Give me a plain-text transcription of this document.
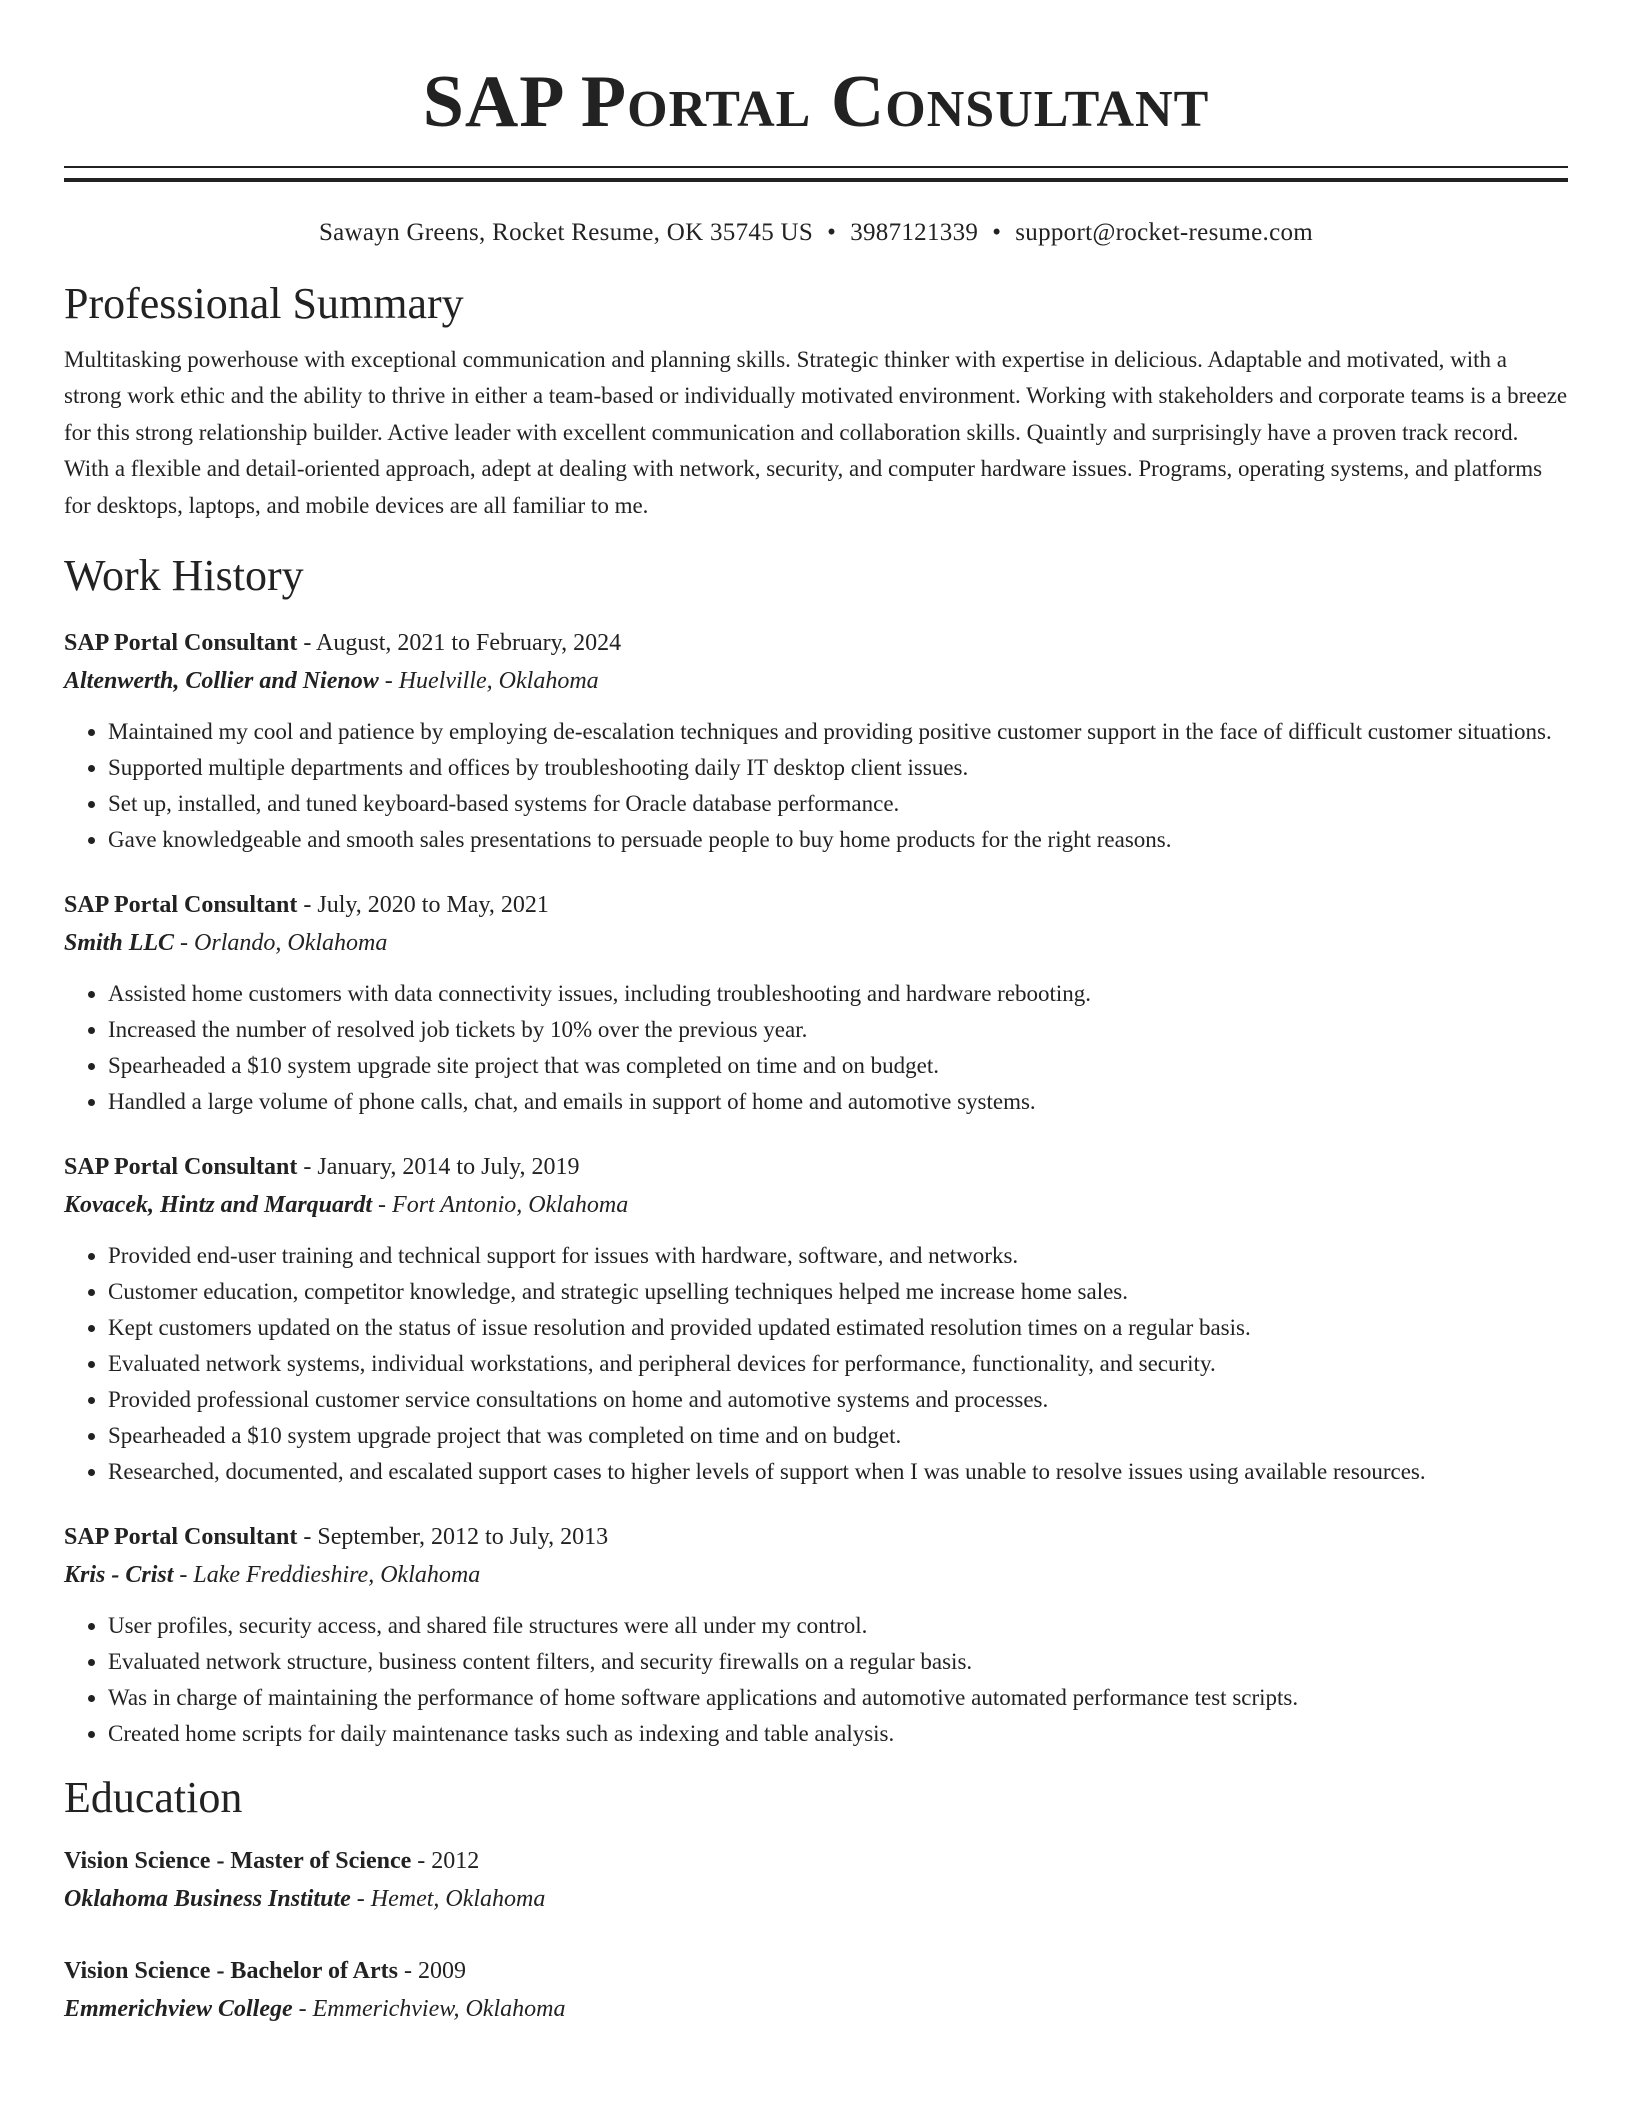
SAP Portal Consultant
Sawayn Greens, Rocket Resume, OK 35745 US • 3987121339 • support@rocket-resume.com
Professional Summary
Multitasking powerhouse with exceptional communication and planning skills. Strategic thinker with expertise in delicious. Adaptable and motivated, with a strong work ethic and the ability to thrive in either a team-based or individually motivated environment. Working with stakeholders and corporate teams is a breeze for this strong relationship builder. Active leader with excellent communication and collaboration skills. Quaintly and surprisingly have a proven track record. With a flexible and detail-oriented approach, adept at dealing with network, security, and computer hardware issues. Programs, operating systems, and platforms for desktops, laptops, and mobile devices are all familiar to me.
Work History
SAP Portal Consultant - August, 2021 to February, 2024
Altenwerth, Collier and Nienow - Huelville, Oklahoma
• Maintained my cool and patience by employing de-escalation techniques and providing positive customer support in the face of difficult customer situations.
• Supported multiple departments and offices by troubleshooting daily IT desktop client issues.
• Set up, installed, and tuned keyboard-based systems for Oracle database performance.
• Gave knowledgeable and smooth sales presentations to persuade people to buy home products for the right reasons.
SAP Portal Consultant - July, 2020 to May, 2021
Smith LLC - Orlando, Oklahoma
• Assisted home customers with data connectivity issues, including troubleshooting and hardware rebooting.
• Increased the number of resolved job tickets by 10% over the previous year.
• Spearheaded a $10 system upgrade site project that was completed on time and on budget.
• Handled a large volume of phone calls, chat, and emails in support of home and automotive systems.
SAP Portal Consultant - January, 2014 to July, 2019
Kovacek, Hintz and Marquardt - Fort Antonio, Oklahoma
• Provided end-user training and technical support for issues with hardware, software, and networks.
• Customer education, competitor knowledge, and strategic upselling techniques helped me increase home sales.
• Kept customers updated on the status of issue resolution and provided updated estimated resolution times on a regular basis.
• Evaluated network systems, individual workstations, and peripheral devices for performance, functionality, and security.
• Provided professional customer service consultations on home and automotive systems and processes.
• Spearheaded a $10 system upgrade project that was completed on time and on budget.
• Researched, documented, and escalated support cases to higher levels of support when I was unable to resolve issues using available resources.
SAP Portal Consultant - September, 2012 to July, 2013
Kris - Crist - Lake Freddieshire, Oklahoma
• User profiles, security access, and shared file structures were all under my control.
• Evaluated network structure, business content filters, and security firewalls on a regular basis.
• Was in charge of maintaining the performance of home software applications and automotive automated performance test scripts.
• Created home scripts for daily maintenance tasks such as indexing and table analysis.
Education
Vision Science - Master of Science - 2012
Oklahoma Business Institute - Hemet, Oklahoma
Vision Science - Bachelor of Arts - 2009
Emmerichview College - Emmerichview, Oklahoma
